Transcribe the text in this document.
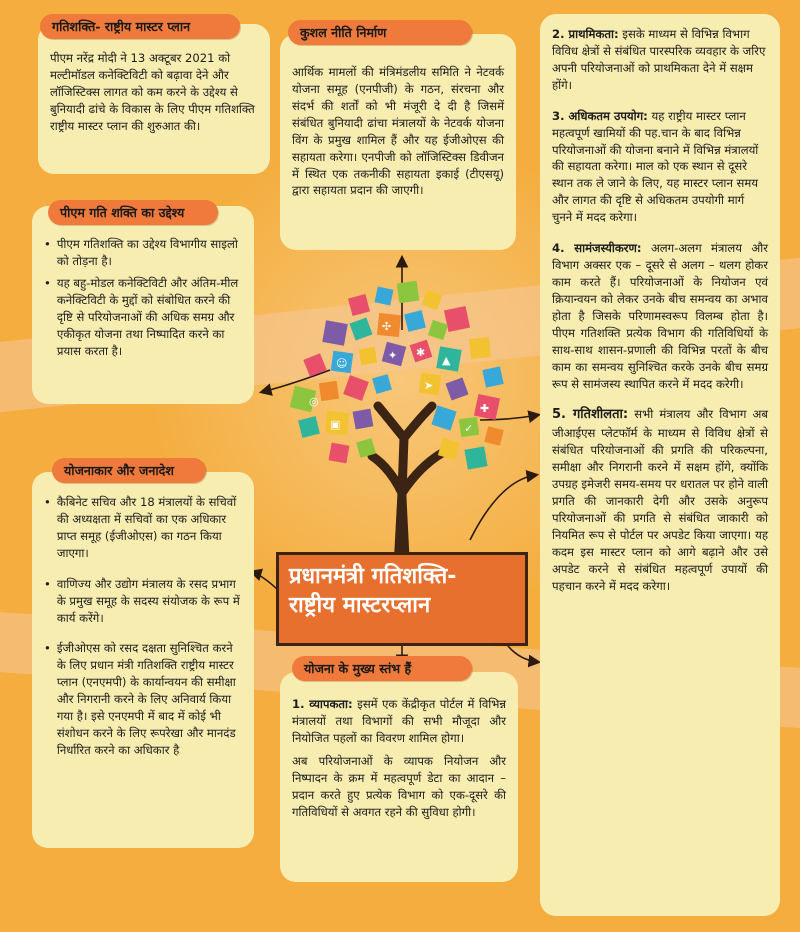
◎
☺
✱
▲
✦
✚
▣
➤
✓
✣

पीएम नरेंद्र मोदी ने 13 अक्टूबर 2021 को मल्टीमॉडल कनेक्टिविटी को बढ़ावा देने और लॉजिस्टिक्स लागत को कम करने के उद्देश्य से बुनियादी ढांचे के विकास के लिए पीएम गतिशक्ति राष्ट्रीय मास्टर प्लान की शुरुआत की।

गतिशक्ति- राष्ट्रीय मास्टर प्लान

आर्थिक मामलों की मंत्रिमंडलीय समिति ने नेटवर्क योजना समूह (एनपीजी) के गठन, संरचना और संदर्भ की शर्तों को भी मंजूरी दे दी है जिसमें संबंधित बुनियादी ढांचा मंत्रालयों के नेटवर्क योजना विंग के प्रमुख शामिल हैं और यह ईजीओएस की सहायता करेगा। एनपीजी को लॉजिस्टिक्स डिवीजन में स्थित एक तकनीकी सहायता इकाई (टीएसयू) द्वारा सहायता प्रदान की जाएगी।

कुशल नीति निर्माण
• पीएम गतिशक्ति का उद्देश्य विभागीय साइलो को तोड़ना है।
• यह बहु-मोडल कनेक्टिविटी और अंतिम-मील कनेक्टिविटी के मुद्दों को संबोधित करने की दृष्टि से परियोजनाओं की अधिक समग्र और एकीकृत योजना तथा निष्पादित करने का प्रयास करता है।
पीएम गति शक्ति का उद्देश्य
• कैबिनेट सचिव और 18 मंत्रालयों के सचिवों की अध्यक्षता में सचिवों का एक अधिकार प्राप्त समूह (ईजीओएस) का गठन किया जाएगा।
• वाणिज्य और उद्योग मंत्रालय के रसद प्रभाग के प्रमुख समूह के सदस्य संयोजक के रूप में कार्य करेंगे।
• ईजीओएस को रसद दक्षता सुनिश्चित करने के लिए प्रधान मंत्री गतिशक्ति राष्ट्रीय मास्टर प्लान (एनएमपी) के कार्यान्वयन की समीक्षा और निगरानी करने के लिए अनिवार्य किया गया है। इसे एनएमपी में बाद में कोई भी संशोधन करने के लिए रूपरेखा और मानदंड निर्धारित करने का अधिकार है
योजनाकार और जनादेश
प्रधानमंत्री गतिशक्ति-
राष्ट्रीय मास्टरप्लान

1. व्यापकता: इसमें एक केंद्रीकृत पोर्टल में विभिन्न मंत्रालयों तथा विभागों की सभी मौजूदा और नियोजित पहलों का विवरण शामिल होगा।

अब परियोजनाओं के व्यापक नियोजन और निष्पादन के क्रम में महत्वपूर्ण डेटा का आदान – प्रदान करते हुए प्रत्येक विभाग को एक-दूसरे की गतिविधियों से अवगत रहने की सुविधा होगी।

योजना के मुख्य स्तंभ हैं

2. प्राथमिकता: इसके माध्यम से विभिन्न विभाग विविध क्षेत्रों से संबंधित पारस्परिक व्यवहार के जरिए अपनी परियोजनाओं को प्राथमिकता देने में सक्षम होंगे।

3. अधिकतम उपयोग: यह राष्ट्रीय मास्टर प्लान महत्वपूर्ण खामियों की पह.चान के बाद विभिन्न परियोजनाओं की योजना बनाने में विभिन्न मंत्रालयों की सहायता करेगा। माल को एक स्थान से दूसरे स्थान तक ले जाने के लिए, यह मास्टर प्लान समय और लागत की दृष्टि से अधिकतम उपयोगी मार्ग चुनने में मदद करेगा।

4. सामंजस्यीकरण: अलग-अलग मंत्रालय और विभाग अक्सर एक – दूसरे से अलग – थलग होकर काम करते हैं। परियोजनाओं के नियोजन एवं क्रियान्वयन को लेकर उनके बीच समन्वय का अभाव होता है जिसके परिणामस्वरूप विलम्ब होता है। पीएम गतिशक्ति प्रत्येक विभाग की गतिविधियों के साथ-साथ शासन-प्रणाली की विभिन्न परतों के बीच काम का समन्वय सुनिश्चित करके उनके बीच समग्र रूप से सामंजस्य स्थापित करने में मदद करेगी।

5. गतिशीलता: सभी मंत्रालय और विभाग अब जीआईएस प्लेटफॉर्म के माध्यम से विविध क्षेत्रों से संबंधित परियोजनाओं की प्रगति की परिकल्पना, समीक्षा और निगरानी करने में सक्षम होंगे, क्योंकि उपग्रह इमेजरी समय-समय पर धरातल पर होने वाली प्रगति की जानकारी देगी और उसके अनुरूप परियोजनाओं की प्रगति से संबंधित जाकारी को नियमित रूप से पोर्टल पर अपडेट किया जाएगा। यह कदम इस मास्टर प्लान को आगे बढ़ाने और उसे अपडेट करने से संबंधित महत्वपूर्ण उपायों की पहचान करने में मदद करेगा।
